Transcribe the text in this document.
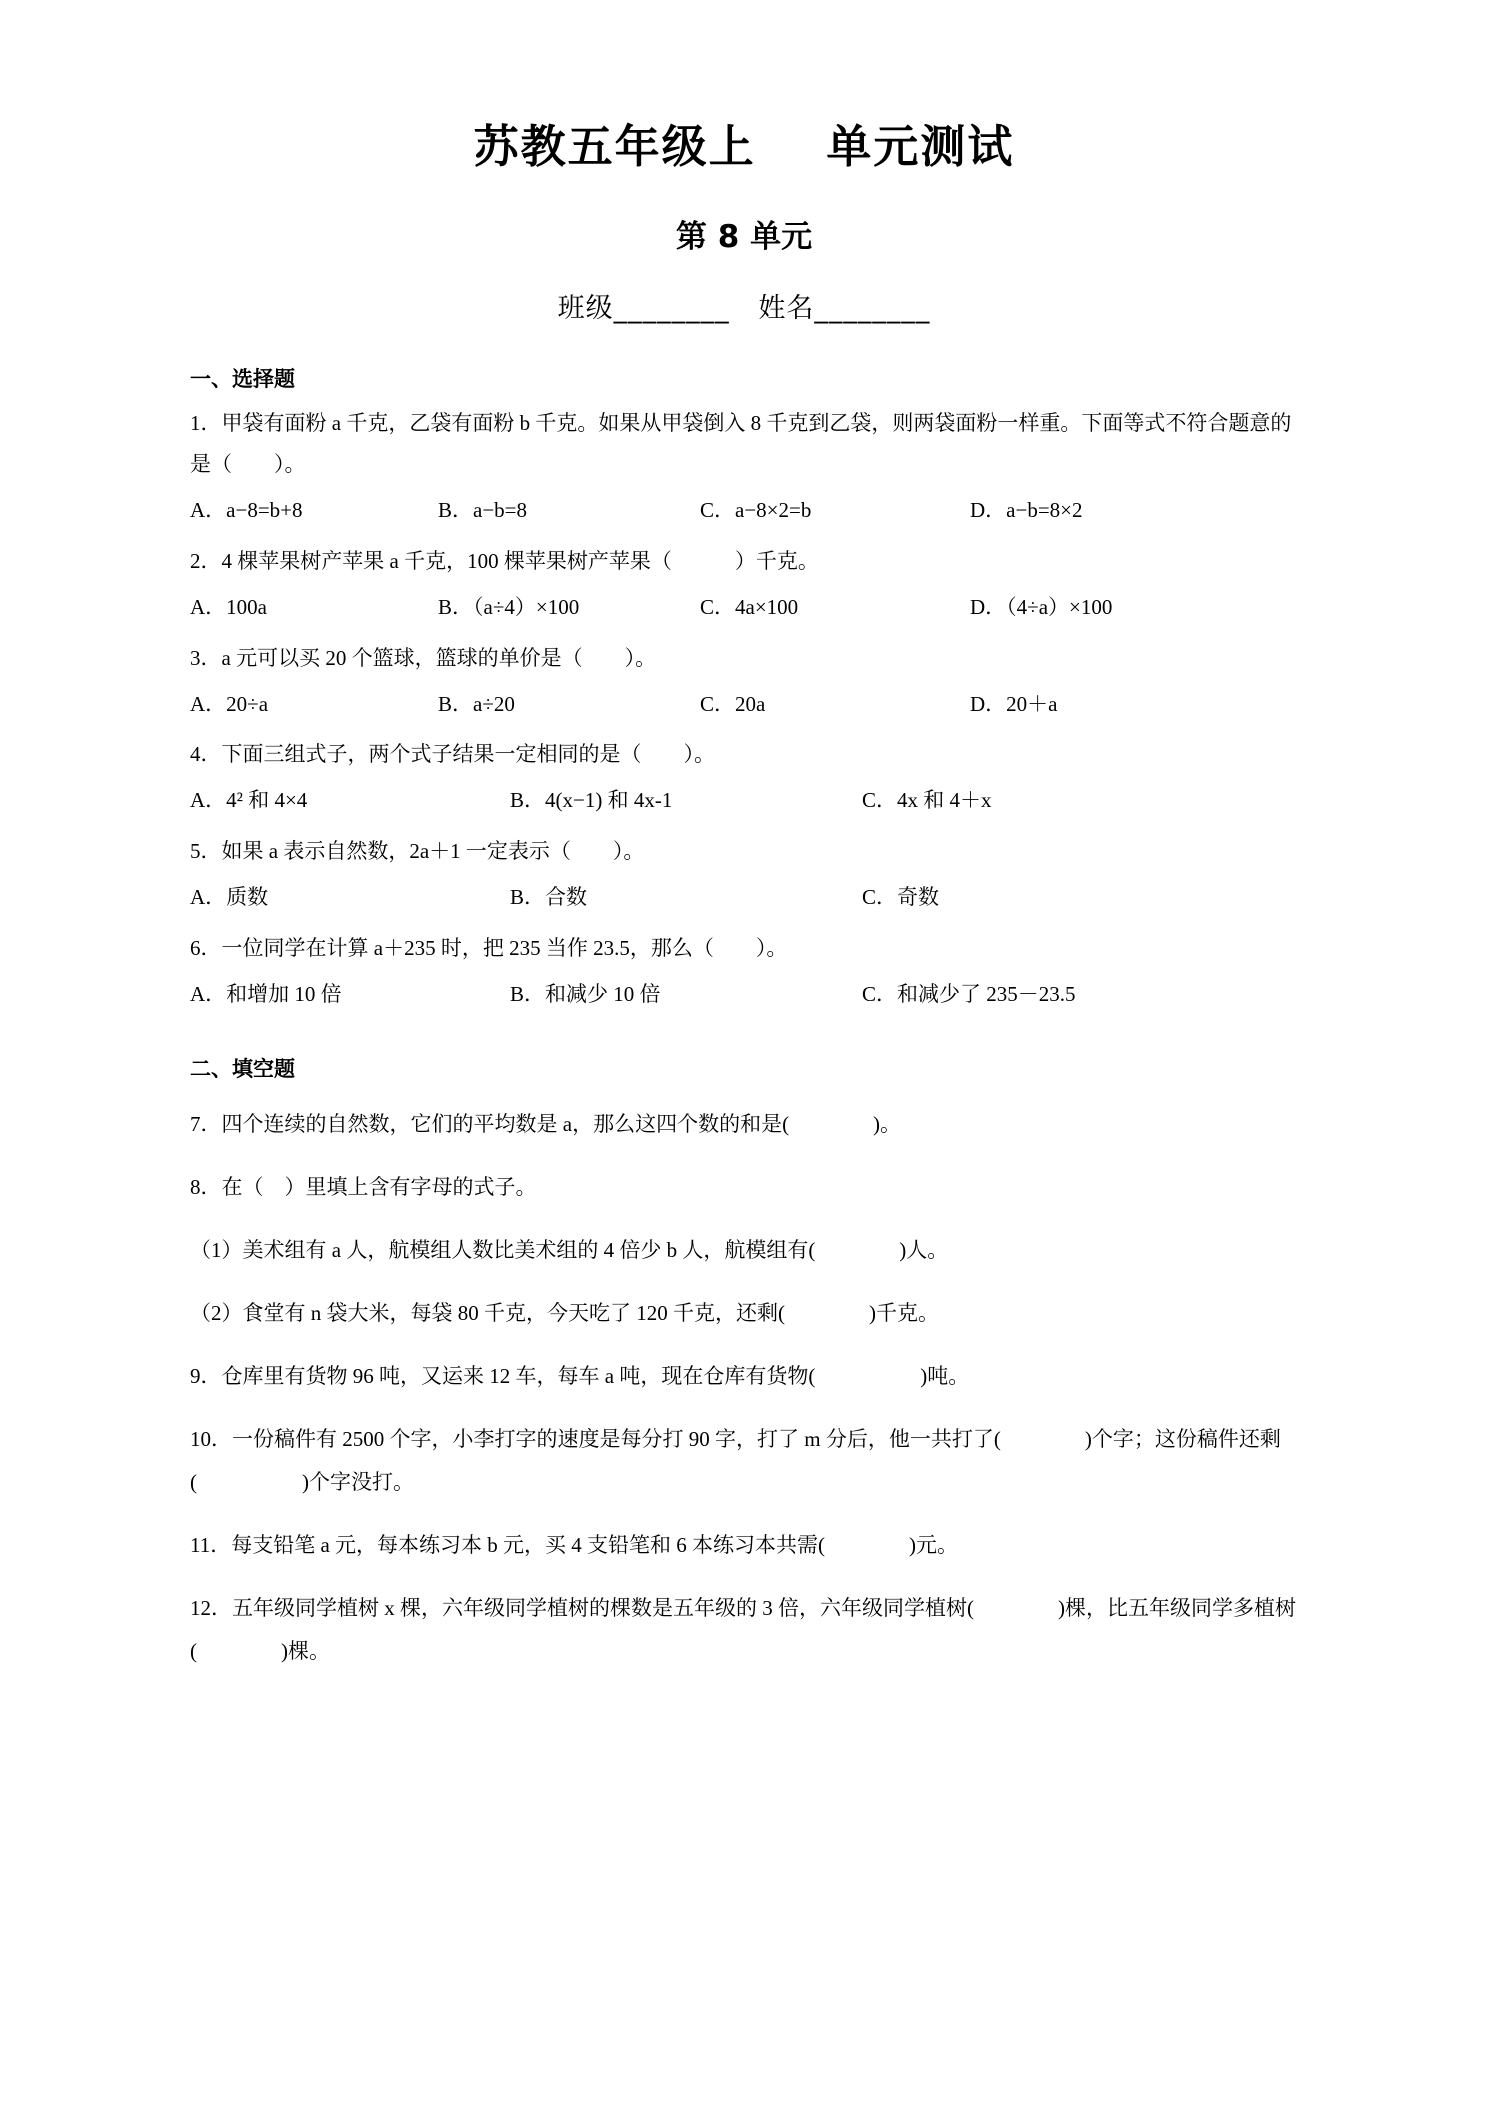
苏教五年级上    单元测试
第 8 单元
班级________   姓名________
一、选择题
1．甲袋有面粉 a 千克，乙袋有面粉 b 千克。如果从甲袋倒入 8 千克到乙袋，则两袋面粉一样重。下面等式不符合题意的是（　　）。
A．a−8=b+8	B．a−b=8	C．a−8×2=b	D．a−b=8×2
2．4 棵苹果树产苹果 a 千克，100 棵苹果树产苹果（　　　）千克。
A．100a	B．（a÷4）×100	C．4a×100	D．（4÷a）×100
3．a 元可以买 20 个篮球，篮球的单价是（　　）。
A．20÷a	B．a÷20	C．20a	D．20＋a
4．下面三组式子，两个式子结果一定相同的是（　　）。
A．4² 和 4×4	B．4(x−1) 和 4x-1	C．4x 和 4＋x
5．如果 a 表示自然数，2a＋1 一定表示（　　）。
A．质数	B．合数	C．奇数
6．一位同学在计算 a＋235 时，把 235 当作 23.5，那么（　　）。
A．和增加 10 倍	B．和减少 10 倍	C．和减少了 235－23.5
二、填空题
7．四个连续的自然数，它们的平均数是 a，那么这四个数的和是(　　　　)。
8．在（　）里填上含有字母的式子。
（1）美术组有 a 人，航模组人数比美术组的 4 倍少 b 人，航模组有(　　　　)人。
（2）食堂有 n 袋大米，每袋 80 千克，今天吃了 120 千克，还剩(　　　　)千克。
9．仓库里有货物 96 吨，又运来 12 车，每车 a 吨，现在仓库有货物(　　　　　)吨。
10．一份稿件有 2500 个字，小李打字的速度是每分打 90 字，打了 m 分后，他一共打了(　　　　)个字；这份稿件还剩(　　　　　)个字没打。
11．每支铅笔 a 元，每本练习本 b 元，买 4 支铅笔和 6 本练习本共需(　　　　)元。
12．五年级同学植树 x 棵，六年级同学植树的棵数是五年级的 3 倍，六年级同学植树(　　　　)棵，比五年级同学多植树(　　　　)棵。
